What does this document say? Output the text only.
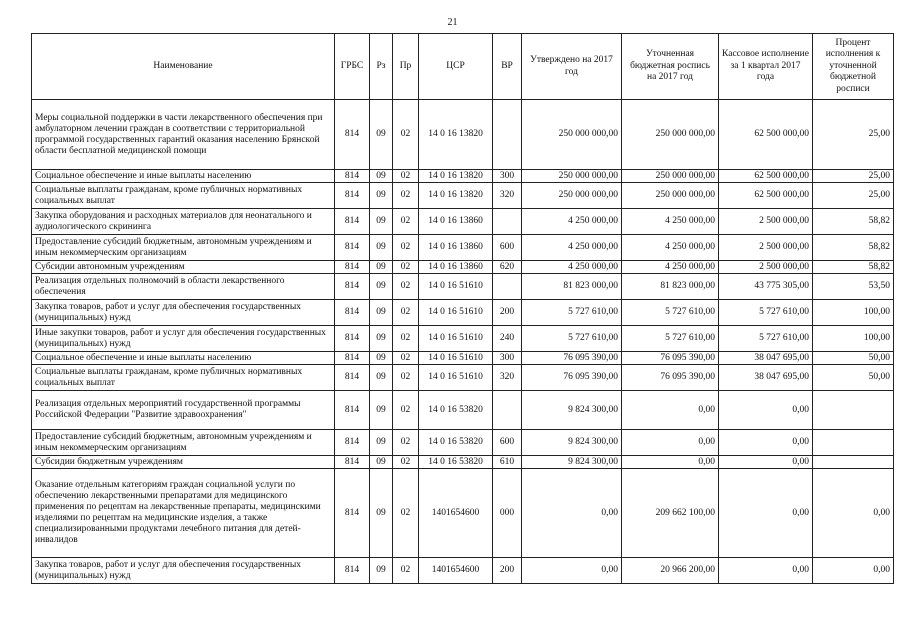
21
Наименование	ГРБС	Рз	Пр	ЦСР	ВР	Утверждено на 2017 год	Уточненная бюджетная роспись на 2017 год	Кассовое исполнение за 1 квартал 2017 года	Процент исполнения к уточненной бюджетной росписи
Меры социальной поддержки в части лекарственного обеспечения при амбулаторном лечении граждан в соответствии с территориальной программой государственных гарантий оказания населению Брянской области бесплатной медицинской помощи	814	09	02	14 0 16 13820		250 000 000,00	250 000 000,00	62 500 000,00	25,00
Социальное обеспечение и иные выплаты населению	814	09	02	14 0 16 13820	300	250 000 000,00	250 000 000,00	62 500 000,00	25,00
Социальные выплаты гражданам, кроме публичных нормативных социальных выплат	814	09	02	14 0 16 13820	320	250 000 000,00	250 000 000,00	62 500 000,00	25,00
Закупка оборудования и расходных материалов для неонатального и аудиологического скрининга	814	09	02	14 0 16 13860		4 250 000,00	4 250 000,00	2 500 000,00	58,82
Предоставление субсидий бюджетным, автономным учреждениям и иным некоммерческим организациям	814	09	02	14 0 16 13860	600	4 250 000,00	4 250 000,00	2 500 000,00	58,82
Субсидии автономным учреждениям	814	09	02	14 0 16 13860	620	4 250 000,00	4 250 000,00	2 500 000,00	58,82
Реализация отдельных полномочий в области лекарственного обеспечения	814	09	02	14 0 16 51610		81 823 000,00	81 823 000,00	43 775 305,00	53,50
Закупка товаров, работ и услуг для обеспечения государственных (муниципальных) нужд	814	09	02	14 0 16 51610	200	5 727 610,00	5 727 610,00	5 727 610,00	100,00
Иные закупки товаров, работ и услуг для обеспечения государственных (муниципальных) нужд	814	09	02	14 0 16 51610	240	5 727 610,00	5 727 610,00	5 727 610,00	100,00
Социальное обеспечение и иные выплаты населению	814	09	02	14 0 16 51610	300	76 095 390,00	76 095 390,00	38 047 695,00	50,00
Социальные выплаты гражданам, кроме публичных нормативных социальных выплат	814	09	02	14 0 16 51610	320	76 095 390,00	76 095 390,00	38 047 695,00	50,00
Реализация отдельных мероприятий государственной программы Российской Федерации "Развитие здравоохранения"	814	09	02	14 0 16 53820		9 824 300,00	0,00	0,00	
Предоставление субсидий бюджетным, автономным учреждениям и иным некоммерческим организациям	814	09	02	14 0 16 53820	600	9 824 300,00	0,00	0,00	
Субсидии бюджетным учреждениям	814	09	02	14 0 16 53820	610	9 824 300,00	0,00	0,00	
Оказание отдельным категориям граждан социальной услуги по обеспечению лекарственными препаратами для медицинского применения по рецептам на лекарственные препараты, медицинскими изделиями по рецептам на медицинские изделия, а также специализированными продуктами лечебного питания для детей-инвалидов	814	09	02	1401654600	000	0,00	209 662 100,00	0,00	0,00
Закупка товаров, работ и услуг для обеспечения государственных (муниципальных) нужд	814	09	02	1401654600	200	0,00	20 966 200,00	0,00	0,00
